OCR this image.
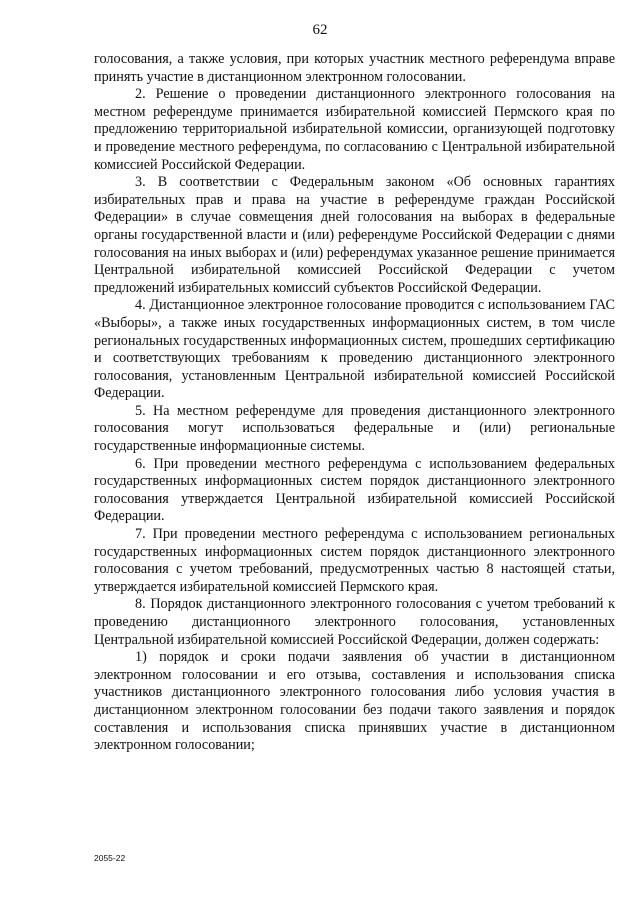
62

голосования, а также условия, при которых участник местного референдума вправе принять участие в дистанционном электронном голосовании.

2. Решение о проведении дистанционного электронного голосования на местном референдуме принимается избирательной комиссией Пермского края по предложению территориальной избирательной комиссии, организующей подготовку и проведение местного референдума, по согласованию с Центральной избирательной комиссией Российской Федерации.

3. В соответствии с Федеральным законом «Об основных гарантиях избирательных прав и права на участие в референдуме граждан Российской Федерации» в случае совмещения дней голосования на выборах в федеральные органы государственной власти и (или) референдуме Российской Федерации с днями голосования на иных выборах и (или) референдумах указанное решение принимается Центральной избирательной комиссией Российской Федерации с учетом предложений избирательных комиссий субъектов Российской Федерации.

4. Дистанционное электронное голосование проводится с использованием ГАС «Выборы», а также иных государственных информационных систем, в том числе региональных государственных информационных систем, прошедших сертификацию и соответствующих требованиям к проведению дистанционного электронного голосования, установленным Центральной избирательной комиссией Российской Федерации.

5. На местном референдуме для проведения дистанционного электронного голосования могут использоваться федеральные и (или) региональные государственные информационные системы.

6. При проведении местного референдума с использованием федеральных государственных информационных систем порядок дистанционного электронного голосования утверждается Центральной избирательной комиссией Российской Федерации.

7. При проведении местного референдума с использованием региональных государственных информационных систем порядок дистанционного электронного голосования с учетом требований, предусмотренных частью 8 настоящей статьи, утверждается избирательной комиссией Пермского края.

8. Порядок дистанционного электронного голосования с учетом требований к проведению дистанционного электронного голосования, установленных Центральной избирательной комиссией Российской Федерации, должен содержать:

1) порядок и сроки подачи заявления об участии в дистанционном электронном голосовании и его отзыва, составления и использования списка участников дистанционного электронного голосования либо условия участия в дистанционном электронном голосовании без подачи такого заявления и порядок составления и использования списка принявших участие в дистанционном электронном голосовании;

2055-22
